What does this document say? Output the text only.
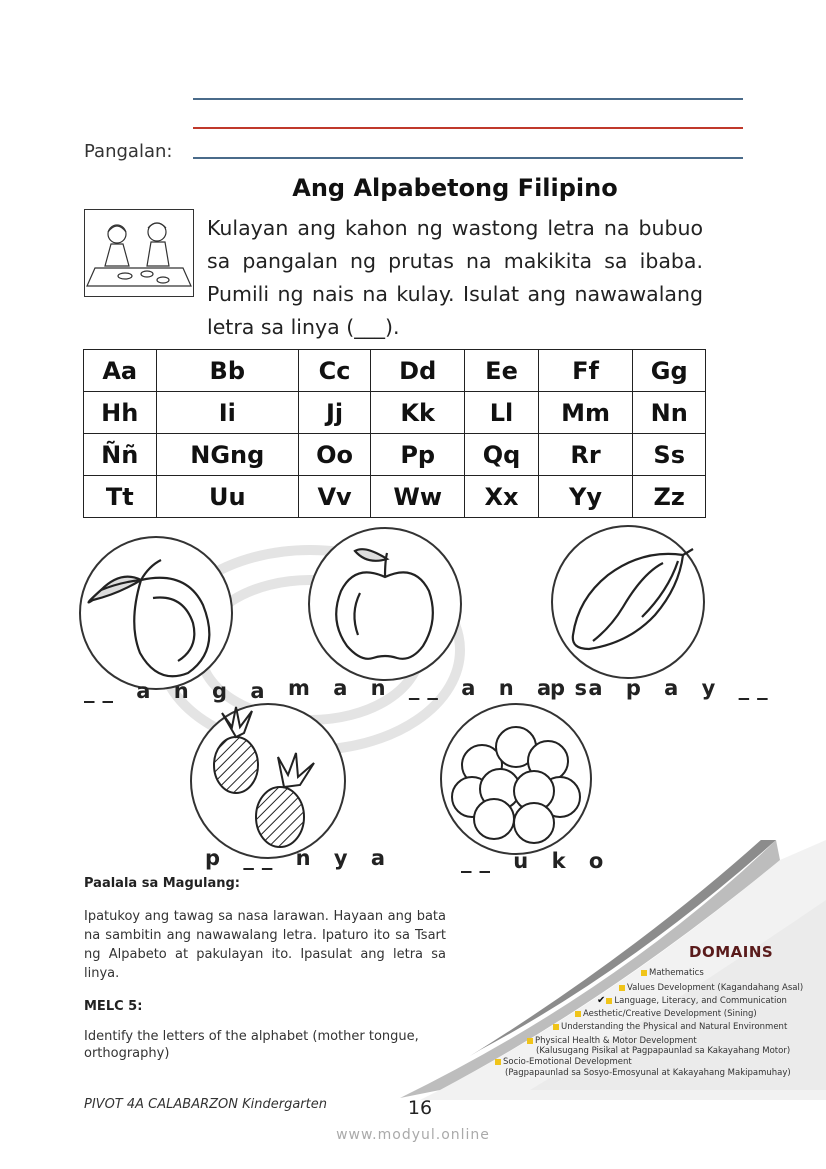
Pangalan:
Ang Alpabetong Filipino
Kulayan ang kahon ng wastong letra na bubuo sa pangalan ng prutas na makikita sa ibaba. Pumili ng nais na kulay. Isulat ang nawawalang letra sa linya (___).
Aa	Bb	Cc	Dd	Ee	Ff	Gg
Hh	Ii	Jj	Kk	Ll	Mm	Nn
Ññ	NGng	Oo	Pp	Qq	Rr	Ss
Tt	Uu	Vv	Ww	Xx	Yy	Zz
__ a n g a m a n __ a n a s
p a p a y __
p __ n y a	__ u k o
Paalala sa Magulang:
Ipatukoy ang tawag sa nasa larawan. Hayaan ang bata na sambitin ang nawawalang letra. Ipaturo ito sa Tsart ng Alpabeto at pakulayan ito. Ipasulat ang letra sa linya.
MELC 5:
Identify the letters of the alphabet (mother tongue, orthography)
DOMAINS
Mathematics
Values Development (Kagandahang Asal)
✔ Language, Literacy, and Communication
Aesthetic/Creative Development (Sining)
Understanding the Physical and Natural Environment
Physical Health & Motor Development
(Kalusugang Pisikal at Pagpapaunlad sa Kakayahang Motor)
Socio-Emotional Development
(Pagpapaunlad sa Sosyo-Emosyunal at Kakayahang Makipamuhay)
PIVOT 4A CALABARZON Kindergarten	16
www.modyul.online
